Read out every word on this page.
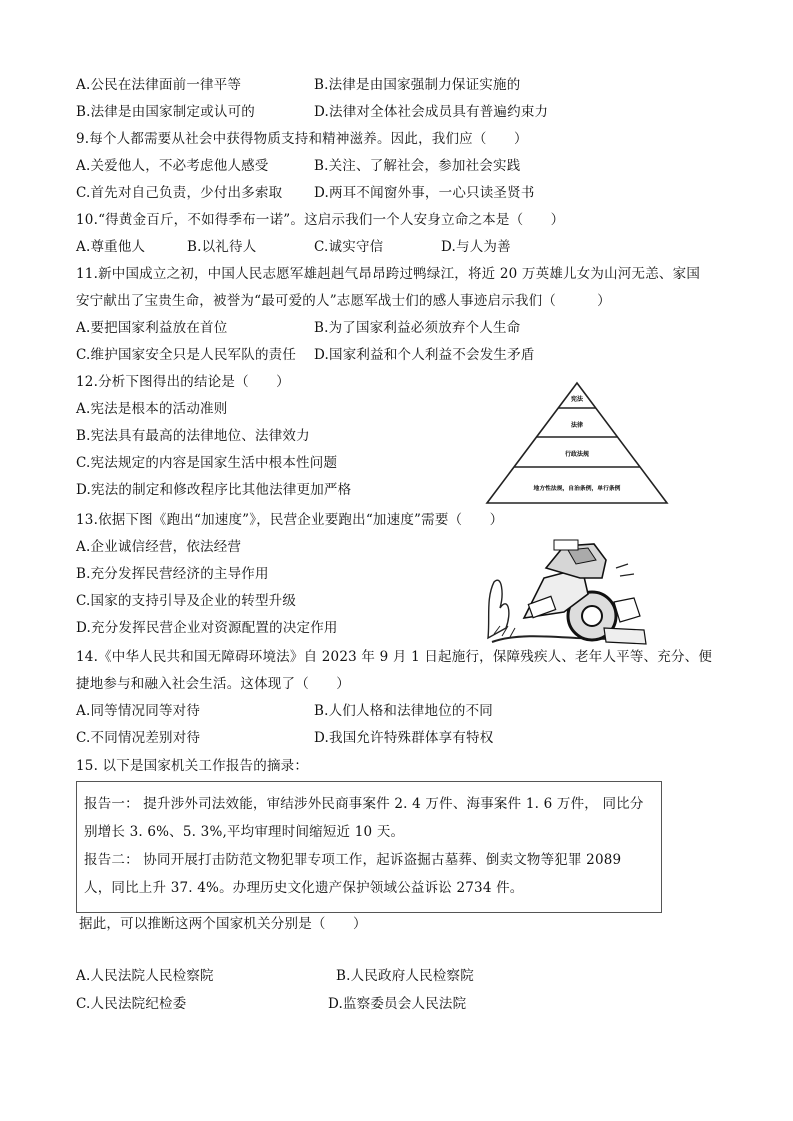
A.公民在法律面前一律平等	B.法律是由国家强制力保证实施的
B.法律是由国家制定或认可的	D.法律对全体社会成员具有普遍约束力
9.每个人都需要从社会中获得物质支持和精神滋养。因此，我们应（　　）
A.关爱他人，不必考虑他人感受	B.关注、了解社会，参加社会实践
C.首先对自己负责，少付出多索取 D.两耳不闻窗外事，一心只读圣贤书
10.“得黄金百斤，不如得季布一诺”。这启示我们一个人安身立命之本是（　　）
A.尊重他人	B.以礼待人	C.诚实守信	D.与人为善
11.新中国成立之初，中国人民志愿军雄赳赳气昂昂跨过鸭绿江，将近 20 万英雄儿女为山河无恙、家国
安宁献出了宝贵生命，被誉为“最可爱的人”志愿军战士们的感人事迹启示我们（　　　）
A.要把国家利益放在首位	B.为了国家利益必须放弃个人生命
C.维护国家安全只是人民军队的责任 D.国家利益和个人利益不会发生矛盾
12.分析下图得出的结论是（　　）
A.宪法是根本的活动准则
B.宪法具有最高的法律地位、法律效力
C.宪法规定的内容是国家生活中根本性问题
D.宪法的制定和修改程序比其他法律更加严格
宪法
法律
行政法规
地方性法规，自治条例，单行条例
13.依据下图《跑出“加速度”》，民营企业要跑出“加速度”需要（　　）
A.企业诚信经营，依法经营
B.充分发挥民营经济的主导作用
C.国家的支持引导及企业的转型升级
D.充分发挥民营企业对资源配置的决定作用
14.《中华人民共和国无障碍环境法》自 2023 年 9 月 1 日起施行，保障残疾人、老年人平等、充分、便
捷地参与和融入社会生活。这体现了（　　）
A.同等情况同等对待	B.人们人格和法律地位的不同
C.不同情况差别对待	D.我国允许特殊群体享有特权
15. 以下是国家机关工作报告的摘录：
报告一： 提升涉外司法效能，审结涉外民商事案件 2. 4 万件、海事案件 1. 6 万件， 同比分
别增长 3. 6%、5. 3%,平均审理时间缩短近 10 天。
报告二： 协同开展打击防范文物犯罪专项工作，起诉盗掘古墓葬、倒卖文物等犯罪 2089
人，同比上升 37. 4%。办理历史文化遗产保护领域公益诉讼 2734 件。
据此，可以推断这两个国家机关分别是（　　）
A.人民法院人民检察院	B.人民政府人民检察院
C.人民法院纪检委	D.监察委员会人民法院
